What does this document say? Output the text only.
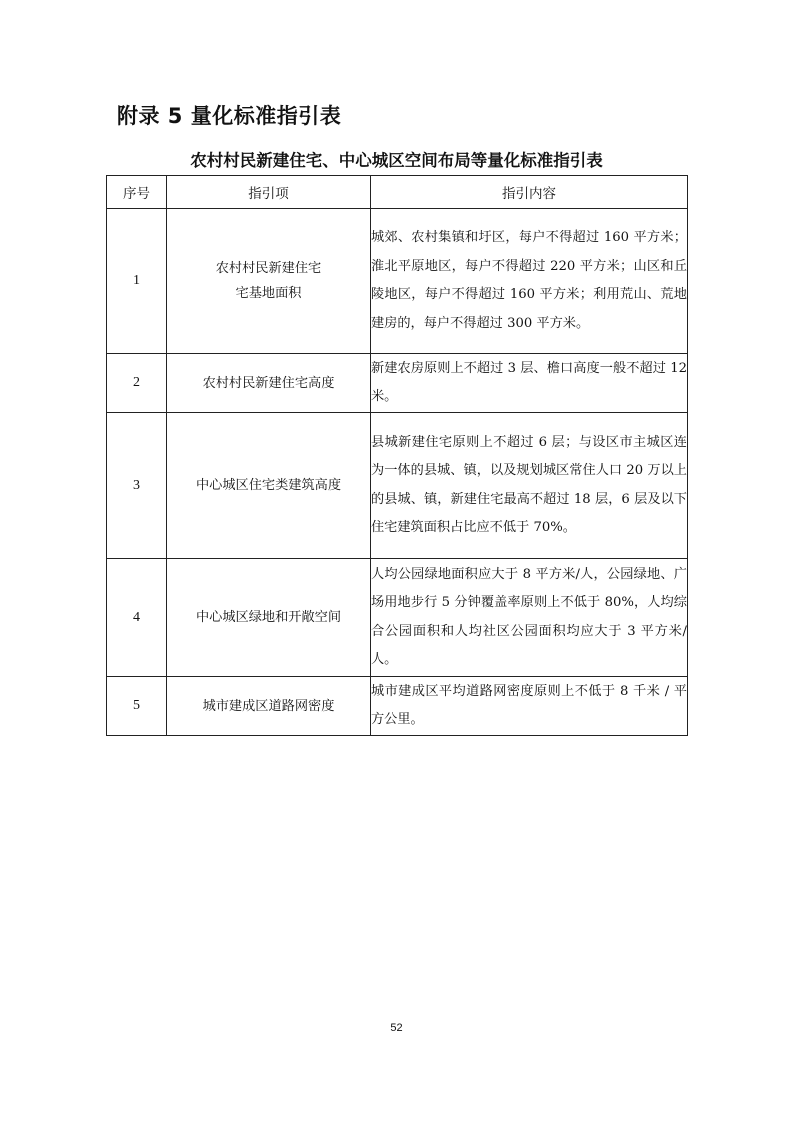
附录 5 量化标准指引表
农村村民新建住宅、中心城区空间布局等量化标准指引表
序号	指引项	指引内容
1	农村村民新建住宅
宅基地面积	城郊、农村集镇和圩区，每户不得超过 160 平方米；淮北平原地区，每户不得超过 220 平方米；山区和丘陵地区，每户不得超过 160 平方米；利用荒山、荒地建房的，每户不得超过 300 平方米。
2	农村村民新建住宅高度	新建农房原则上不超过 3 层、檐口高度一般不超过 12 米。
3	中心城区住宅类建筑高度	县城新建住宅原则上不超过 6 层；与设区市主城区连为一体的县城、镇，以及规划城区常住人口 20 万以上的县城、镇，新建住宅最高不超过 18 层，6 层及以下住宅建筑面积占比应不低于 70%。
4	中心城区绿地和开敞空间	人均公园绿地面积应大于 8 平方米/人，公园绿地、广场用地步行 5 分钟覆盖率原则上不低于 80%，人均综合公园面积和人均社区公园面积均应大于 3 平方米/人。
5	城市建成区道路网密度	城市建成区平均道路网密度原则上不低于 8 千米 / 平方公里。
52
